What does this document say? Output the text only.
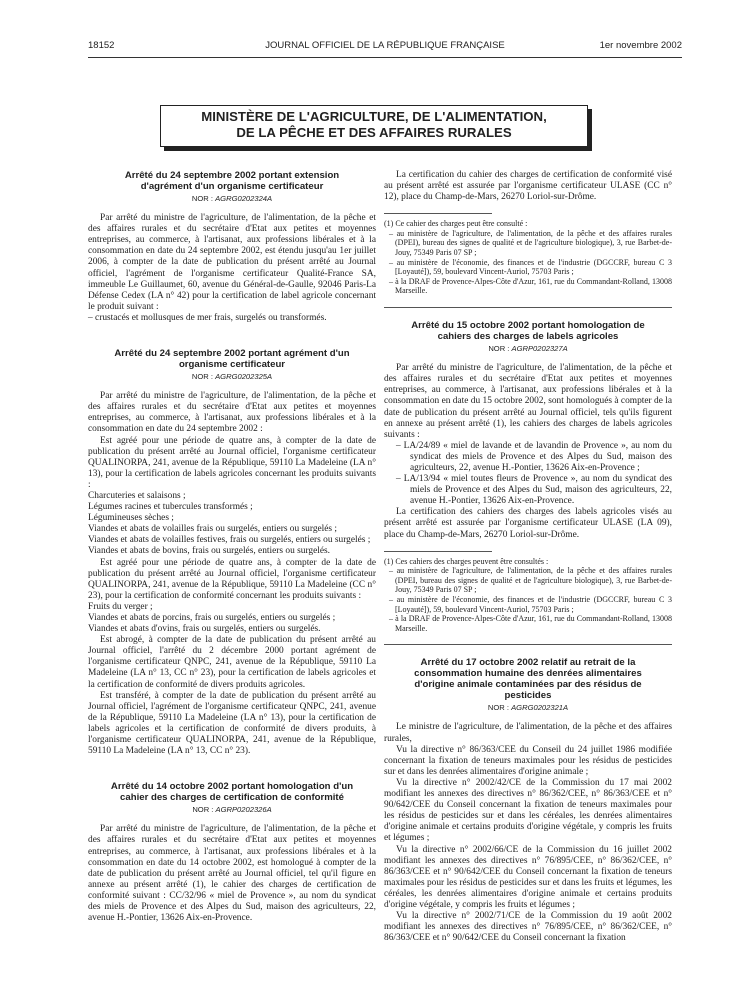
18152	JOURNAL OFFICIEL DE LA RÉPUBLIQUE FRANÇAISE	1er novembre 2002
MINISTÈRE DE L'AGRICULTURE, DE L'ALIMENTATION,
DE LA PÊCHE ET DES AFFAIRES RURALES
Arrêté du 24 septembre 2002 portant extension d'agrément d'un organisme certificateur
NOR : AGRG0202324A

Par arrêté du ministre de l'agriculture, de l'alimentation, de la pêche et des affaires rurales et du secrétaire d'Etat aux petites et moyennes entreprises, au commerce, à l'artisanat, aux professions libérales et à la consommation en date du 24 septembre 2002, est étendu jusqu'au 1er juillet 2006, à compter de la date de publication du présent arrêté au Journal officiel, l'agrément de l'organisme certificateur Qualité-France SA, immeuble Le Guillaumet, 60, avenue du Général-de-Gaulle, 92046 Paris-La Défense Cedex (LA n° 42) pour la certification de label agricole concernant le produit suivant :

– crustacés et mollusques de mer frais, surgelés ou transformés.

Arrêté du 24 septembre 2002 portant agrément d'un organisme certificateur
NOR : AGRG0202325A

Par arrêté du ministre de l'agriculture, de l'alimentation, de la pêche et des affaires rurales et du secrétaire d'Etat aux petites et moyennes entreprises, au commerce, à l'artisanat, aux professions libérales et à la consommation en date du 24 septembre 2002 :

Est agréé pour une période de quatre ans, à compter de la date de publication du présent arrêté au Journal officiel, l'organisme certificateur QUALINORPA, 241, avenue de la République, 59110 La Madeleine (LA n° 13), pour la certification de labels agricoles concernant les produits suivants :

Charcuteries et salaisons ;

Légumes racines et tubercules transformés ;

Légumineuses sèches ;

Viandes et abats de volailles frais ou surgelés, entiers ou surgelés ;

Viandes et abats de volailles festives, frais ou surgelés, entiers ou surgelés ;

Viandes et abats de bovins, frais ou surgelés, entiers ou surgelés.

Est agréé pour une période de quatre ans, à compter de la date de publication du présent arrêté au Journal officiel, l'organisme certificateur QUALINORPA, 241, avenue de la République, 59110 La Madeleine (CC n° 23), pour la certification de conformité concernant les produits suivants :

Fruits du verger ;

Viandes et abats de porcins, frais ou surgelés, entiers ou surgelés ;

Viandes et abats d'ovins, frais ou surgelés, entiers ou surgelés.

Est abrogé, à compter de la date de publication du présent arrêté au Journal officiel, l'arrêté du 2 décembre 2000 portant agrément de l'organisme certificateur QNPC, 241, avenue de la République, 59110 La Madeleine (LA n° 13, CC n° 23), pour la certification de labels agricoles et la certification de conformité de divers produits agricoles.

Est transféré, à compter de la date de publication du présent arrêté au Journal officiel, l'agrément de l'organisme certificateur QNPC, 241, avenue de la République, 59110 La Madeleine (LA n° 13), pour la certification de labels agricoles et la certification de conformité de divers produits, à l'organisme certificateur QUALINORPA, 241, avenue de la République, 59110 La Madeleine (LA n° 13, CC n° 23).

Arrêté du 14 octobre 2002 portant homologation d'un cahier des charges de certification de conformité
NOR : AGRP0202326A

Par arrêté du ministre de l'agriculture, de l'alimentation, de la pêche et des affaires rurales et du secrétaire d'Etat aux petites et moyennes entreprises, au commerce, à l'artisanat, aux professions libérales et à la consommation en date du 14 octobre 2002, est homologué à compter de la date de publication du présent arrêté au Journal officiel, tel qu'il figure en annexe au présent arrêté (1), le cahier des charges de certification de conformité suivant : CC/32/96 « miel de Provence », au nom du syndicat des miels de Provence et des Alpes du Sud, maison des agriculteurs, 22, avenue H.-Pontier, 13626 Aix-en-Provence.

La certification du cahier des charges de certification de conformité visé au présent arrêté est assurée par l'organisme certificateur ULASE (CC n° 12), place du Champ-de-Mars, 26270 Loriol-sur-Drôme.

(1) Ce cahier des charges peut être consulté :

– au ministère de l'agriculture, de l'alimentation, de la pêche et des affaires rurales (DPEI), bureau des signes de qualité et de l'agriculture biologique), 3, rue Barbet-de-Jouy, 75349 Paris 07 SP ;

– au ministère de l'économie, des finances et de l'industrie (DGCCRF, bureau C 3 [Loyauté]), 59, boulevard Vincent-Auriol, 75703 Paris ;

– à la DRAF de Provence-Alpes-Côte d'Azur, 161, rue du Commandant-Rolland, 13008 Marseille.

Arrêté du 15 octobre 2002 portant homologation de cahiers des charges de labels agricoles
NOR : AGRP0202327A

Par arrêté du ministre de l'agriculture, de l'alimentation, de la pêche et des affaires rurales et du secrétaire d'Etat aux petites et moyennes entreprises, au commerce, à l'artisanat, aux professions libérales et à la consommation en date du 15 octobre 2002, sont homologués à compter de la date de publication du présent arrêté au Journal officiel, tels qu'ils figurent en annexe au présent arrêté (1), les cahiers des charges de labels agricoles suivants :

– LA/24/89 « miel de lavande et de lavandin de Provence », au nom du syndicat des miels de Provence et des Alpes du Sud, maison des agriculteurs, 22, avenue H.-Pontier, 13626 Aix-en-Provence ;

– LA/13/94 « miel toutes fleurs de Provence », au nom du syndicat des miels de Provence et des Alpes du Sud, maison des agriculteurs, 22, avenue H.-Pontier, 13626 Aix-en-Provence.

La certification des cahiers des charges des labels agricoles visés au présent arrêté est assurée par l'organisme certificateur ULASE (LA 09), place du Champ-de-Mars, 26270 Loriol-sur-Drôme.

(1) Ces cahiers des charges peuvent être consultés :

– au ministère de l'agriculture, de l'alimentation, de la pêche et des affaires rurales (DPEI, bureau des signes de qualité et de l'agriculture biologique), 3, rue Barbet-de-Jouy, 75349 Paris 07 SP ;

– au ministère de l'économie, des finances et de l'industrie (DGCCRF, bureau C 3 [Loyauté]), 59, boulevard Vincent-Auriol, 75703 Paris ;

– à la DRAF de Provence-Alpes-Côte d'Azur, 161, rue du Commandant-Rolland, 13008 Marseille.

Arrêté du 17 octobre 2002 relatif au retrait de la consommation humaine des denrées alimentaires d'origine animale contaminées par des résidus de pesticides
NOR : AGRG0202321A

Le ministre de l'agriculture, de l'alimentation, de la pêche et des affaires rurales,

Vu la directive n° 86/363/CEE du Conseil du 24 juillet 1986 modifiée concernant la fixation de teneurs maximales pour les résidus de pesticides sur et dans les denrées alimentaires d'origine animale ;

Vu la directive n° 2002/42/CE de la Commission du 17 mai 2002 modifiant les annexes des directives n° 86/362/CEE, n° 86/363/CEE et n° 90/642/CEE du Conseil concernant la fixation de teneurs maximales pour les résidus de pesticides sur et dans les céréales, les denrées alimentaires d'origine animale et certains produits d'origine végétale, y compris les fruits et légumes ;

Vu la directive n° 2002/66/CE de la Commission du 16 juillet 2002 modifiant les annexes des directives n° 76/895/CEE, n° 86/362/CEE, n° 86/363/CEE et n° 90/642/CEE du Conseil concernant la fixation de teneurs maximales pour les résidus de pesticides sur et dans les fruits et légumes, les céréales, les denrées alimentaires d'origine animale et certains produits d'origine végétale, y compris les fruits et légumes ;

Vu la directive n° 2002/71/CE de la Commission du 19 août 2002 modifiant les annexes des directives n° 76/895/CEE, n° 86/362/CEE, n° 86/363/CEE et n° 90/642/CEE du Conseil concernant la fixation
